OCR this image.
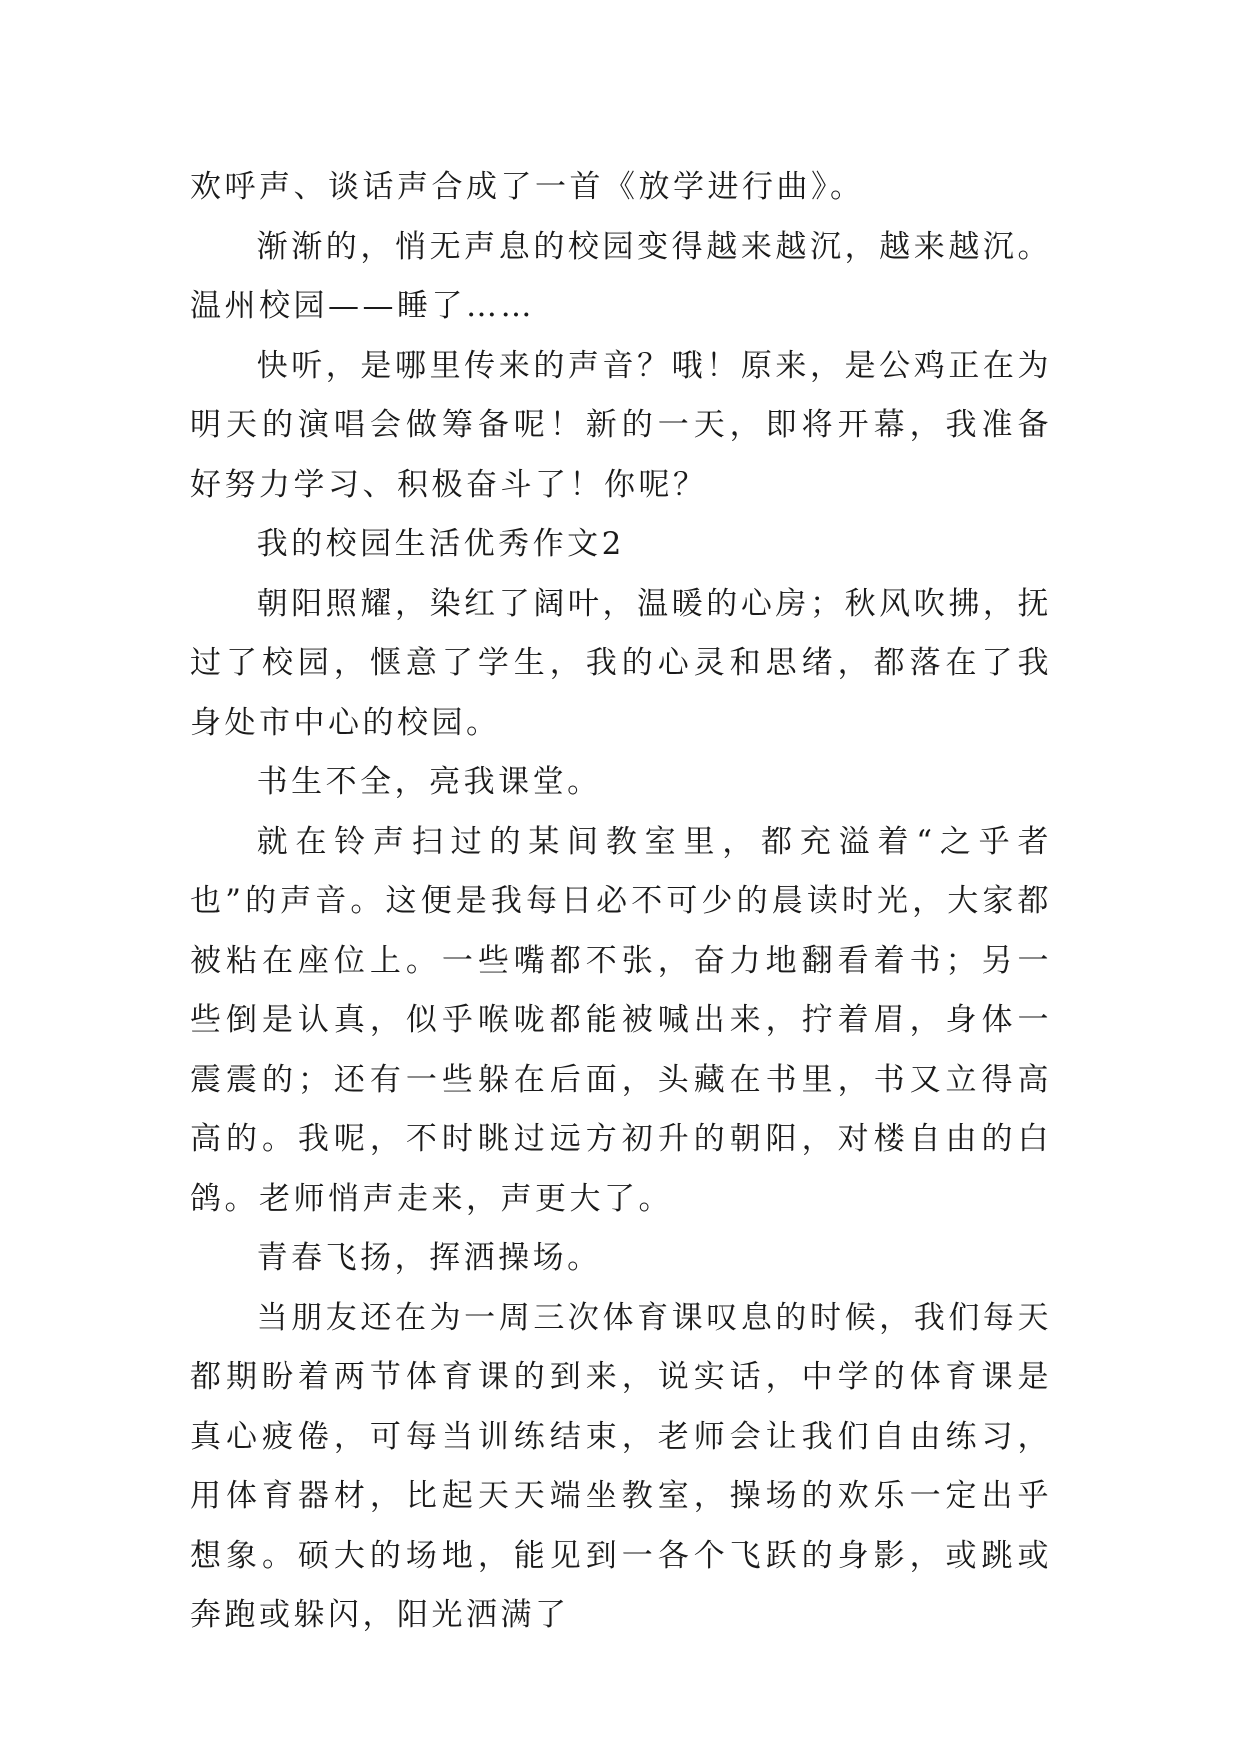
欢呼声、谈话声合成了一首《放学进行曲》。

渐渐的，悄无声息的校园变得越来越沉，越来越沉。温州校园——睡了……

快听，是哪里传来的声音？哦！原来，是公鸡正在为明天的演唱会做筹备呢！新的一天，即将开幕，我准备好努力学习、积极奋斗了！你呢？

我的校园生活优秀作文2

朝阳照耀，染红了阔叶，温暖的心房；秋风吹拂，抚过了校园，惬意了学生，我的心灵和思绪，都落在了我身处市中心的校园。

书生不全，亮我课堂。

就在铃声扫过的某间教室里，都充溢着“之乎者也”的声音。这便是我每日必不可少的晨读时光，大家都被粘在座位上。一些嘴都不张，奋力地翻看着书；另一些倒是认真，似乎喉咙都能被喊出来，拧着眉，身体一震震的；还有一些躲在后面，头藏在书里，书又立得高高的。我呢，不时眺过远方初升的朝阳，对楼自由的白鸽。老师悄声走来，声更大了。

青春飞扬，挥洒操场。

当朋友还在为一周三次体育课叹息的时候，我们每天都期盼着两节体育课的到来，说实话，中学的体育课是真心疲倦，可每当训练结束，老师会让我们自由练习，用体育器材，比起天天端坐教室，操场的欢乐一定出乎想象。硕大的场地，能见到一各个飞跃的身影，或跳或奔跑或躲闪，阳光洒满了
